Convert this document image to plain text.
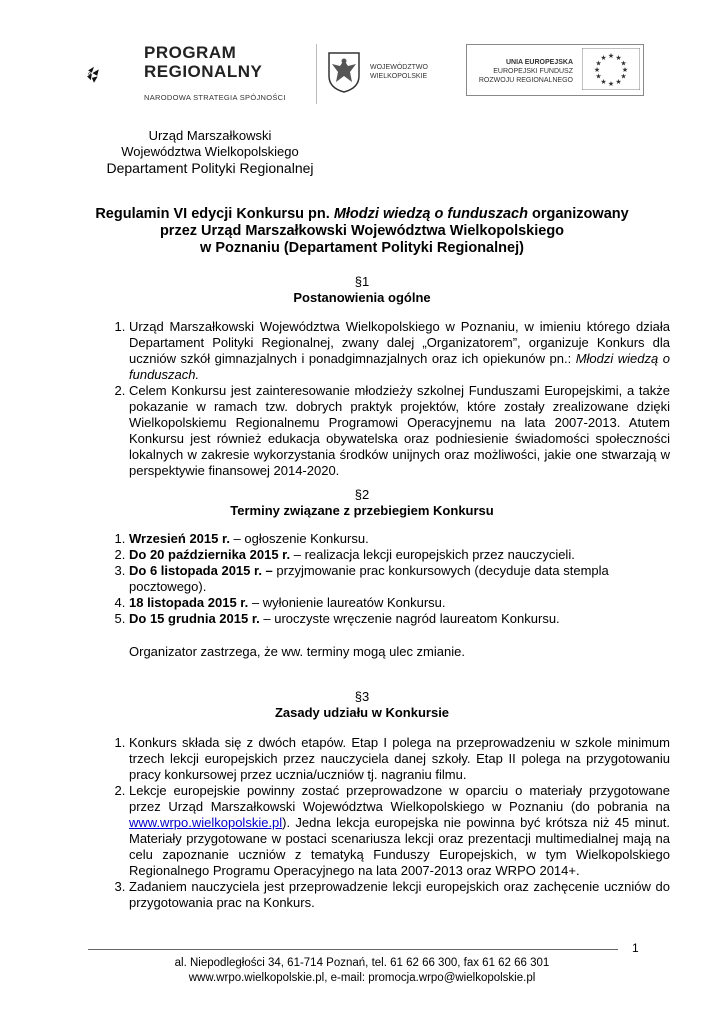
PROGRAM
REGIONALNY
NARODOWA STRATEGIA SPÓJNOŚCI
WOJEWÓDZTWO
WIELKOPOLSKIE
UNIA EUROPEJSKA
EUROPEJSKI FUNDUSZ
ROZWOJU REGIONALNEGO
★ ★
★
★
★
★
★
★
★
★
★
★
Urząd Marszałkowski
Województwa Wielkopolskiego
Departament Polityki Regionalnej
Regulamin VI edycji Konkursu pn. Młodzi wiedzą o funduszach organizowany
przez Urząd Marszałkowski Województwa Wielkopolskiego
w Poznaniu (Departament Polityki Regionalnej)
§1
Postanowienia ogólne
1. Urząd Marszałkowski Województwa Wielkopolskiego w Poznaniu, w imieniu którego działa Departament Polityki Regionalnej, zwany dalej „Organizatorem”, organizuje Konkurs dla uczniów szkół gimnazjalnych i ponadgimnazjalnych oraz ich opiekunów pn.: Młodzi wiedzą o funduszach.
2. Celem Konkursu jest zainteresowanie młodzieży szkolnej Funduszami Europejskimi, a także pokazanie w ramach tzw. dobrych praktyk projektów, które zostały zrealizowane dzięki Wielkopolskiemu Regionalnemu Programowi Operacyjnemu na lata 2007-2013. Atutem Konkursu jest również edukacja obywatelska oraz podniesienie świadomości społeczności lokalnych w zakresie wykorzystania środków unijnych oraz możliwości, jakie one stwarzają w perspektywie finansowej 2014-2020.
§2
Terminy związane z przebiegiem Konkursu
1. Wrzesień 2015 r. – ogłoszenie Konkursu.
2. Do 20 października 2015 r. – realizacja lekcji europejskich przez nauczycieli.
3. Do 6 listopada 2015 r. – przyjmowanie prac konkursowych (decyduje data stempla pocztowego).
4. 18 listopada 2015 r. – wyłonienie laureatów Konkursu.
5. Do 15 grudnia 2015 r. – uroczyste wręczenie nagród laureatom Konkursu.
Organizator zastrzega, że ww. terminy mogą ulec zmianie.
§3
Zasady udziału w Konkursie
1. Konkurs składa się z dwóch etapów. Etap I polega na przeprowadzeniu w szkole minimum trzech lekcji europejskich przez nauczyciela danej szkoły. Etap II polega na przygotowaniu pracy konkursowej przez ucznia/uczniów tj. nagraniu filmu.
2. Lekcje europejskie powinny zostać przeprowadzone w oparciu o materiały przygotowane przez Urząd Marszałkowski Województwa Wielkopolskiego w Poznaniu (do pobrania na www.wrpo.wielkopolskie.pl). Jedna lekcja europejska nie powinna być krótsza niż 45 minut. Materiały przygotowane w postaci scenariusza lekcji oraz prezentacji multimedialnej mają na celu zapoznanie uczniów z tematyką Funduszy Europejskich, w tym Wielkopolskiego Regionalnego Programu Operacyjnego na lata 2007-2013 oraz WRPO 2014+.
3. Zadaniem nauczyciela jest przeprowadzenie lekcji europejskich oraz zachęcenie uczniów do przygotowania prac na Konkurs.
1
al. Niepodległości 34, 61-714 Poznań, tel. 61 62 66 300, fax 61 62 66 301
www.wrpo.wielkopolskie.pl, e-mail: promocja.wrpo@wielkopolskie.pl
